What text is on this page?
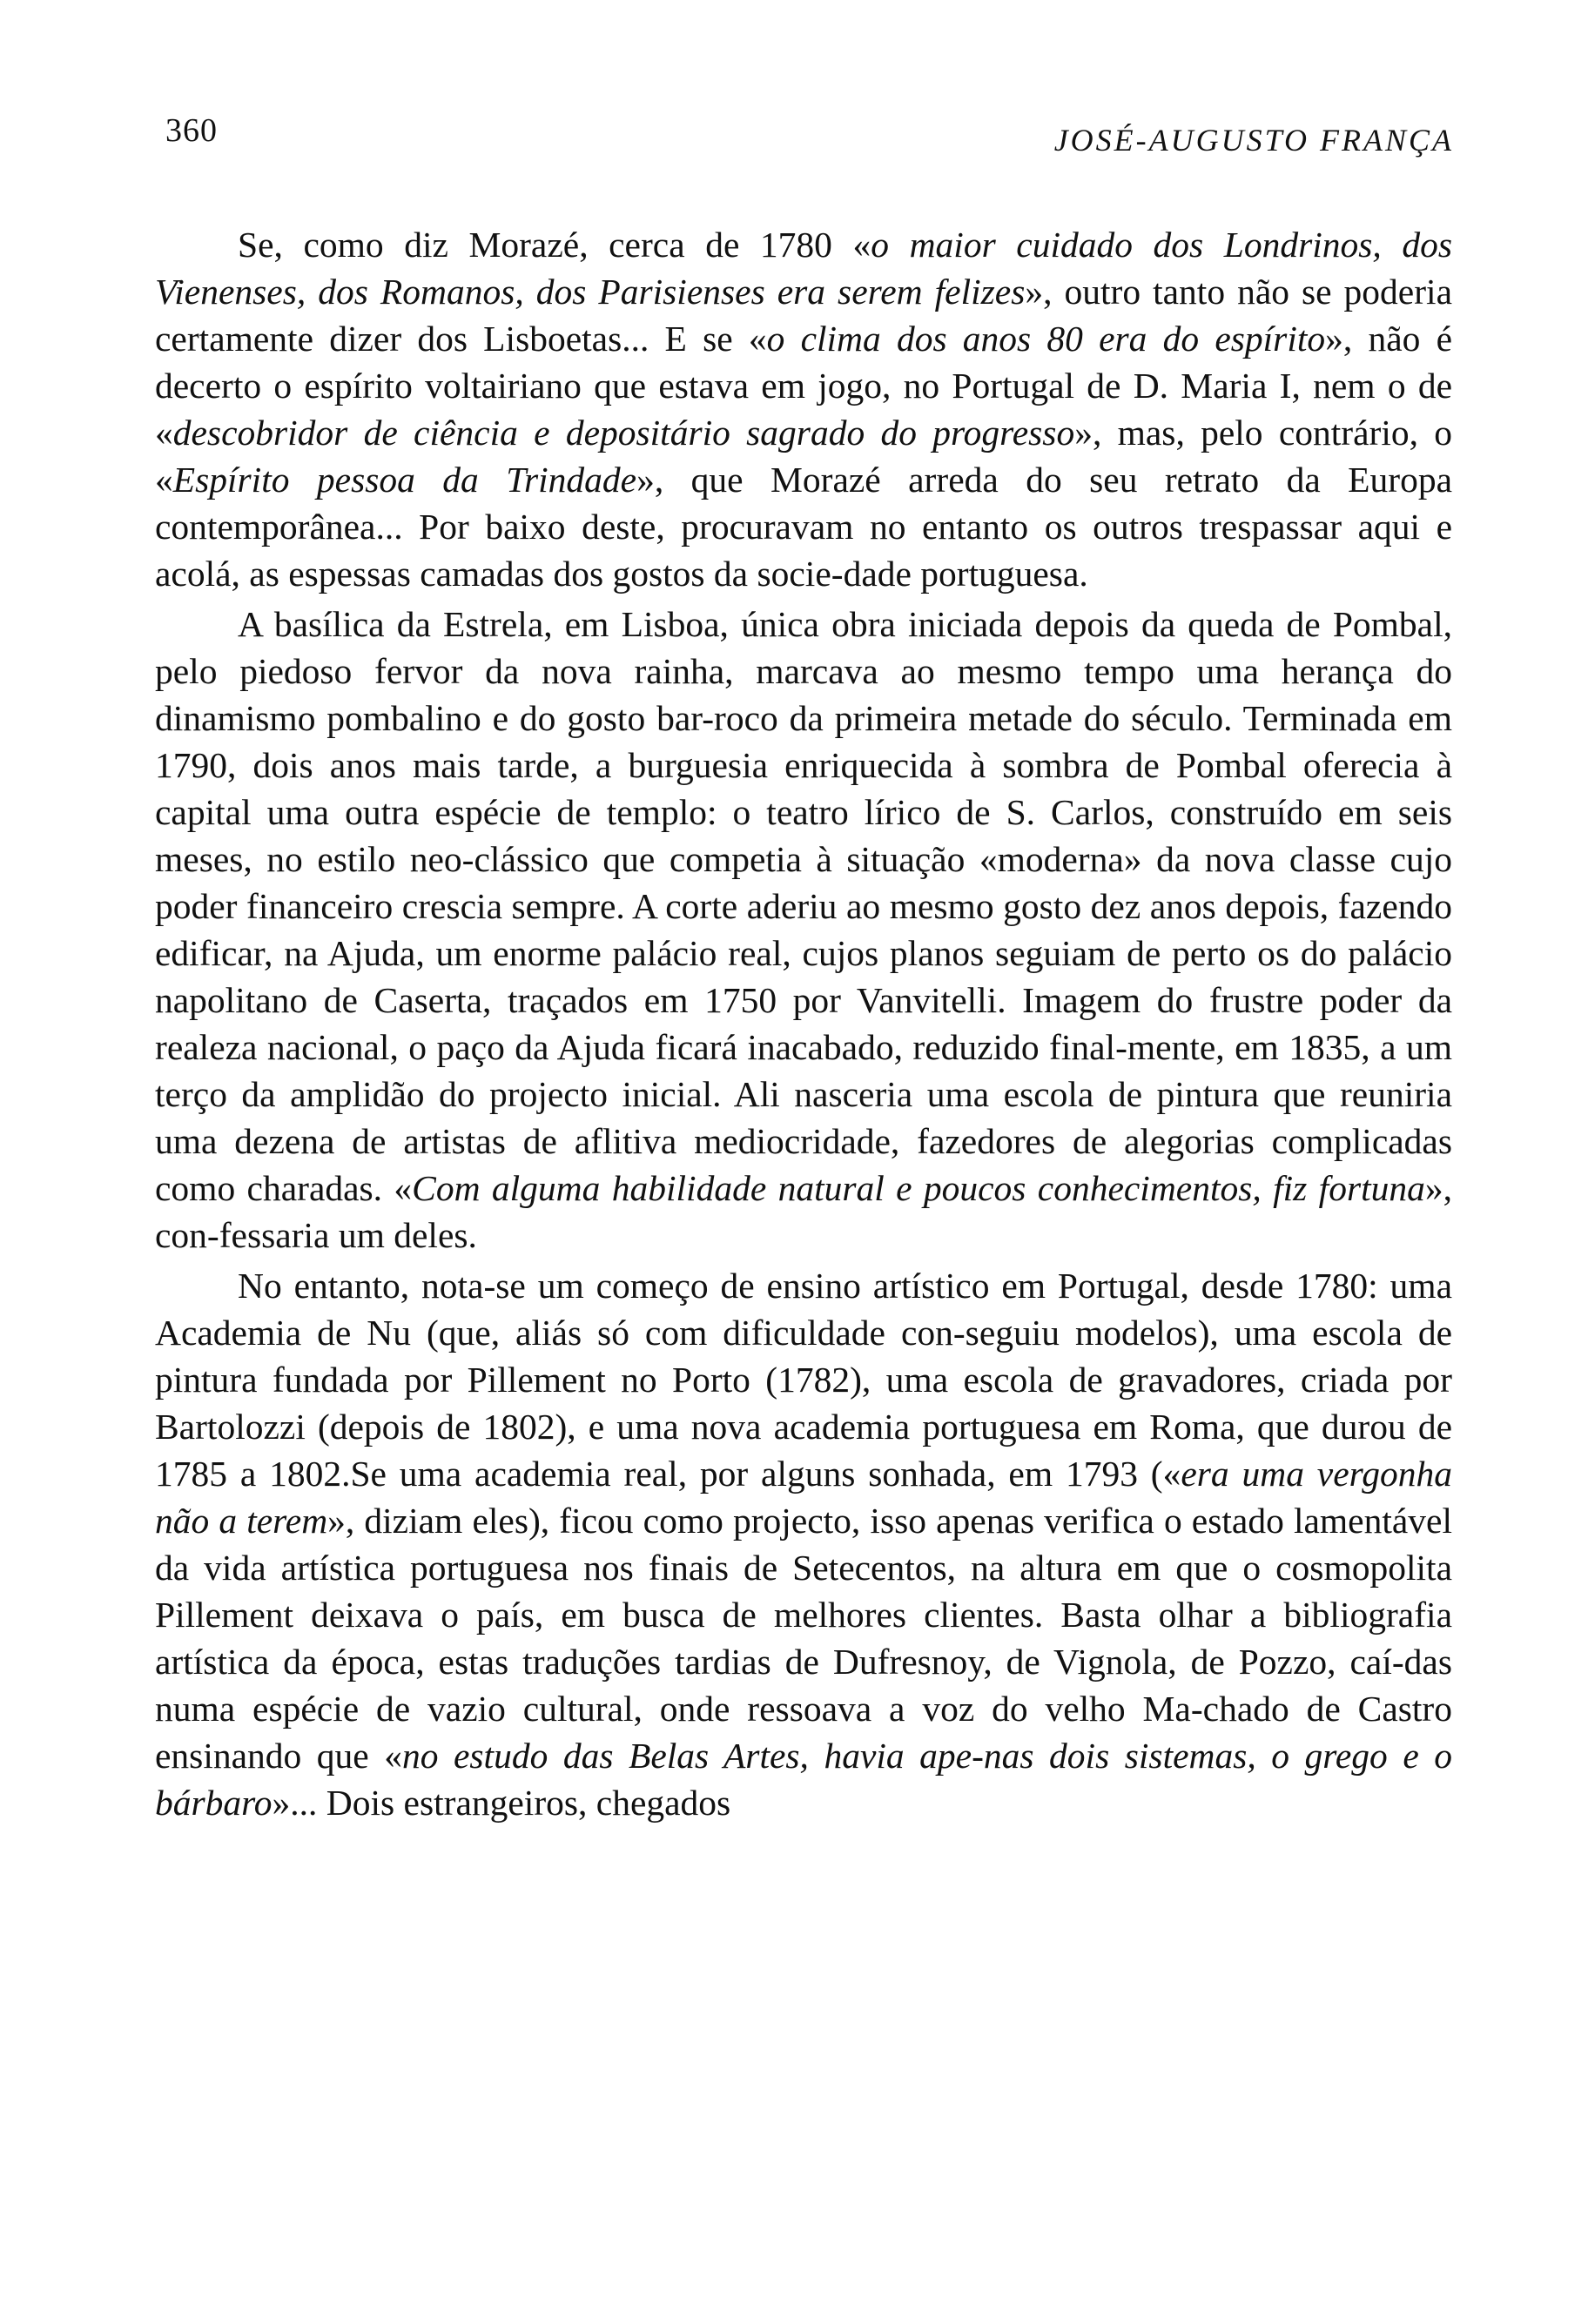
360	JOSÉ-AUGUSTO FRANÇA

Se, como diz Morazé, cerca de 1780 «o maior cuidado dos Londrinos, dos Vienenses, dos Romanos, dos Parisienses era serem felizes», outro tanto não se poderia certamente dizer dos Lisboetas... E se «o clima dos anos 80 era do espírito», não é decerto o espírito voltairiano que estava em jogo, no Portugal de D. Maria I, nem o de «descobridor de ciência e depositário sagrado do progresso», mas, pelo contrário, o «Espírito pessoa da Trindade», que Morazé arreda do seu retrato da Europa contemporânea... Por baixo deste, procuravam no entanto os outros trespassar aqui e acolá, as espessas camadas dos gostos da socie-dade portuguesa.

A basílica da Estrela, em Lisboa, única obra iniciada depois da queda de Pombal, pelo piedoso fervor da nova rainha, marcava ao mesmo tempo uma herança do dinamismo pombalino e do gosto bar-roco da primeira metade do século. Terminada em 1790, dois anos mais tarde, a burguesia enriquecida à sombra de Pombal oferecia à capital uma outra espécie de templo: o teatro lírico de S. Carlos, construído em seis meses, no estilo neo-clássico que competia à situação «moderna» da nova classe cujo poder financeiro crescia sempre. A corte aderiu ao mesmo gosto dez anos depois, fazendo edificar, na Ajuda, um enorme palácio real, cujos planos seguiam de perto os do palácio napolitano de Caserta, traçados em 1750 por Vanvitelli. Imagem do frustre poder da realeza nacional, o paço da Ajuda ficará inacabado, reduzido final-mente, em 1835, a um terço da amplidão do projecto inicial. Ali nasceria uma escola de pintura que reuniria uma dezena de artistas de aflitiva mediocridade, fazedores de alegorias complicadas como charadas. «Com alguma habilidade natural e poucos conhecimentos, fiz fortuna», con-fessaria um deles.

No entanto, nota-se um começo de ensino artístico em Portugal, desde 1780: uma Academia de Nu (que, aliás só com dificuldade con-seguiu modelos), uma escola de pintura fundada por Pillement no Porto (1782), uma escola de gravadores, criada por Bartolozzi (depois de 1802), e uma nova academia portuguesa em Roma, que durou de 1785 a 1802.Se uma academia real, por alguns sonhada, em 1793 («era uma vergonha não a terem», diziam eles), ficou como projecto, isso apenas verifica o estado lamentável da vida artística portuguesa nos finais de Setecentos, na altura em que o cosmopolita Pillement deixava o país, em busca de melhores clientes. Basta olhar a bibliografia artística da época, estas traduções tardias de Dufresnoy, de Vignola, de Pozzo, caí-das numa espécie de vazio cultural, onde ressoava a voz do velho Ma-chado de Castro ensinando que «no estudo das Belas Artes, havia ape-nas dois sistemas, o grego e o bárbaro»... Dois estrangeiros, chegados
